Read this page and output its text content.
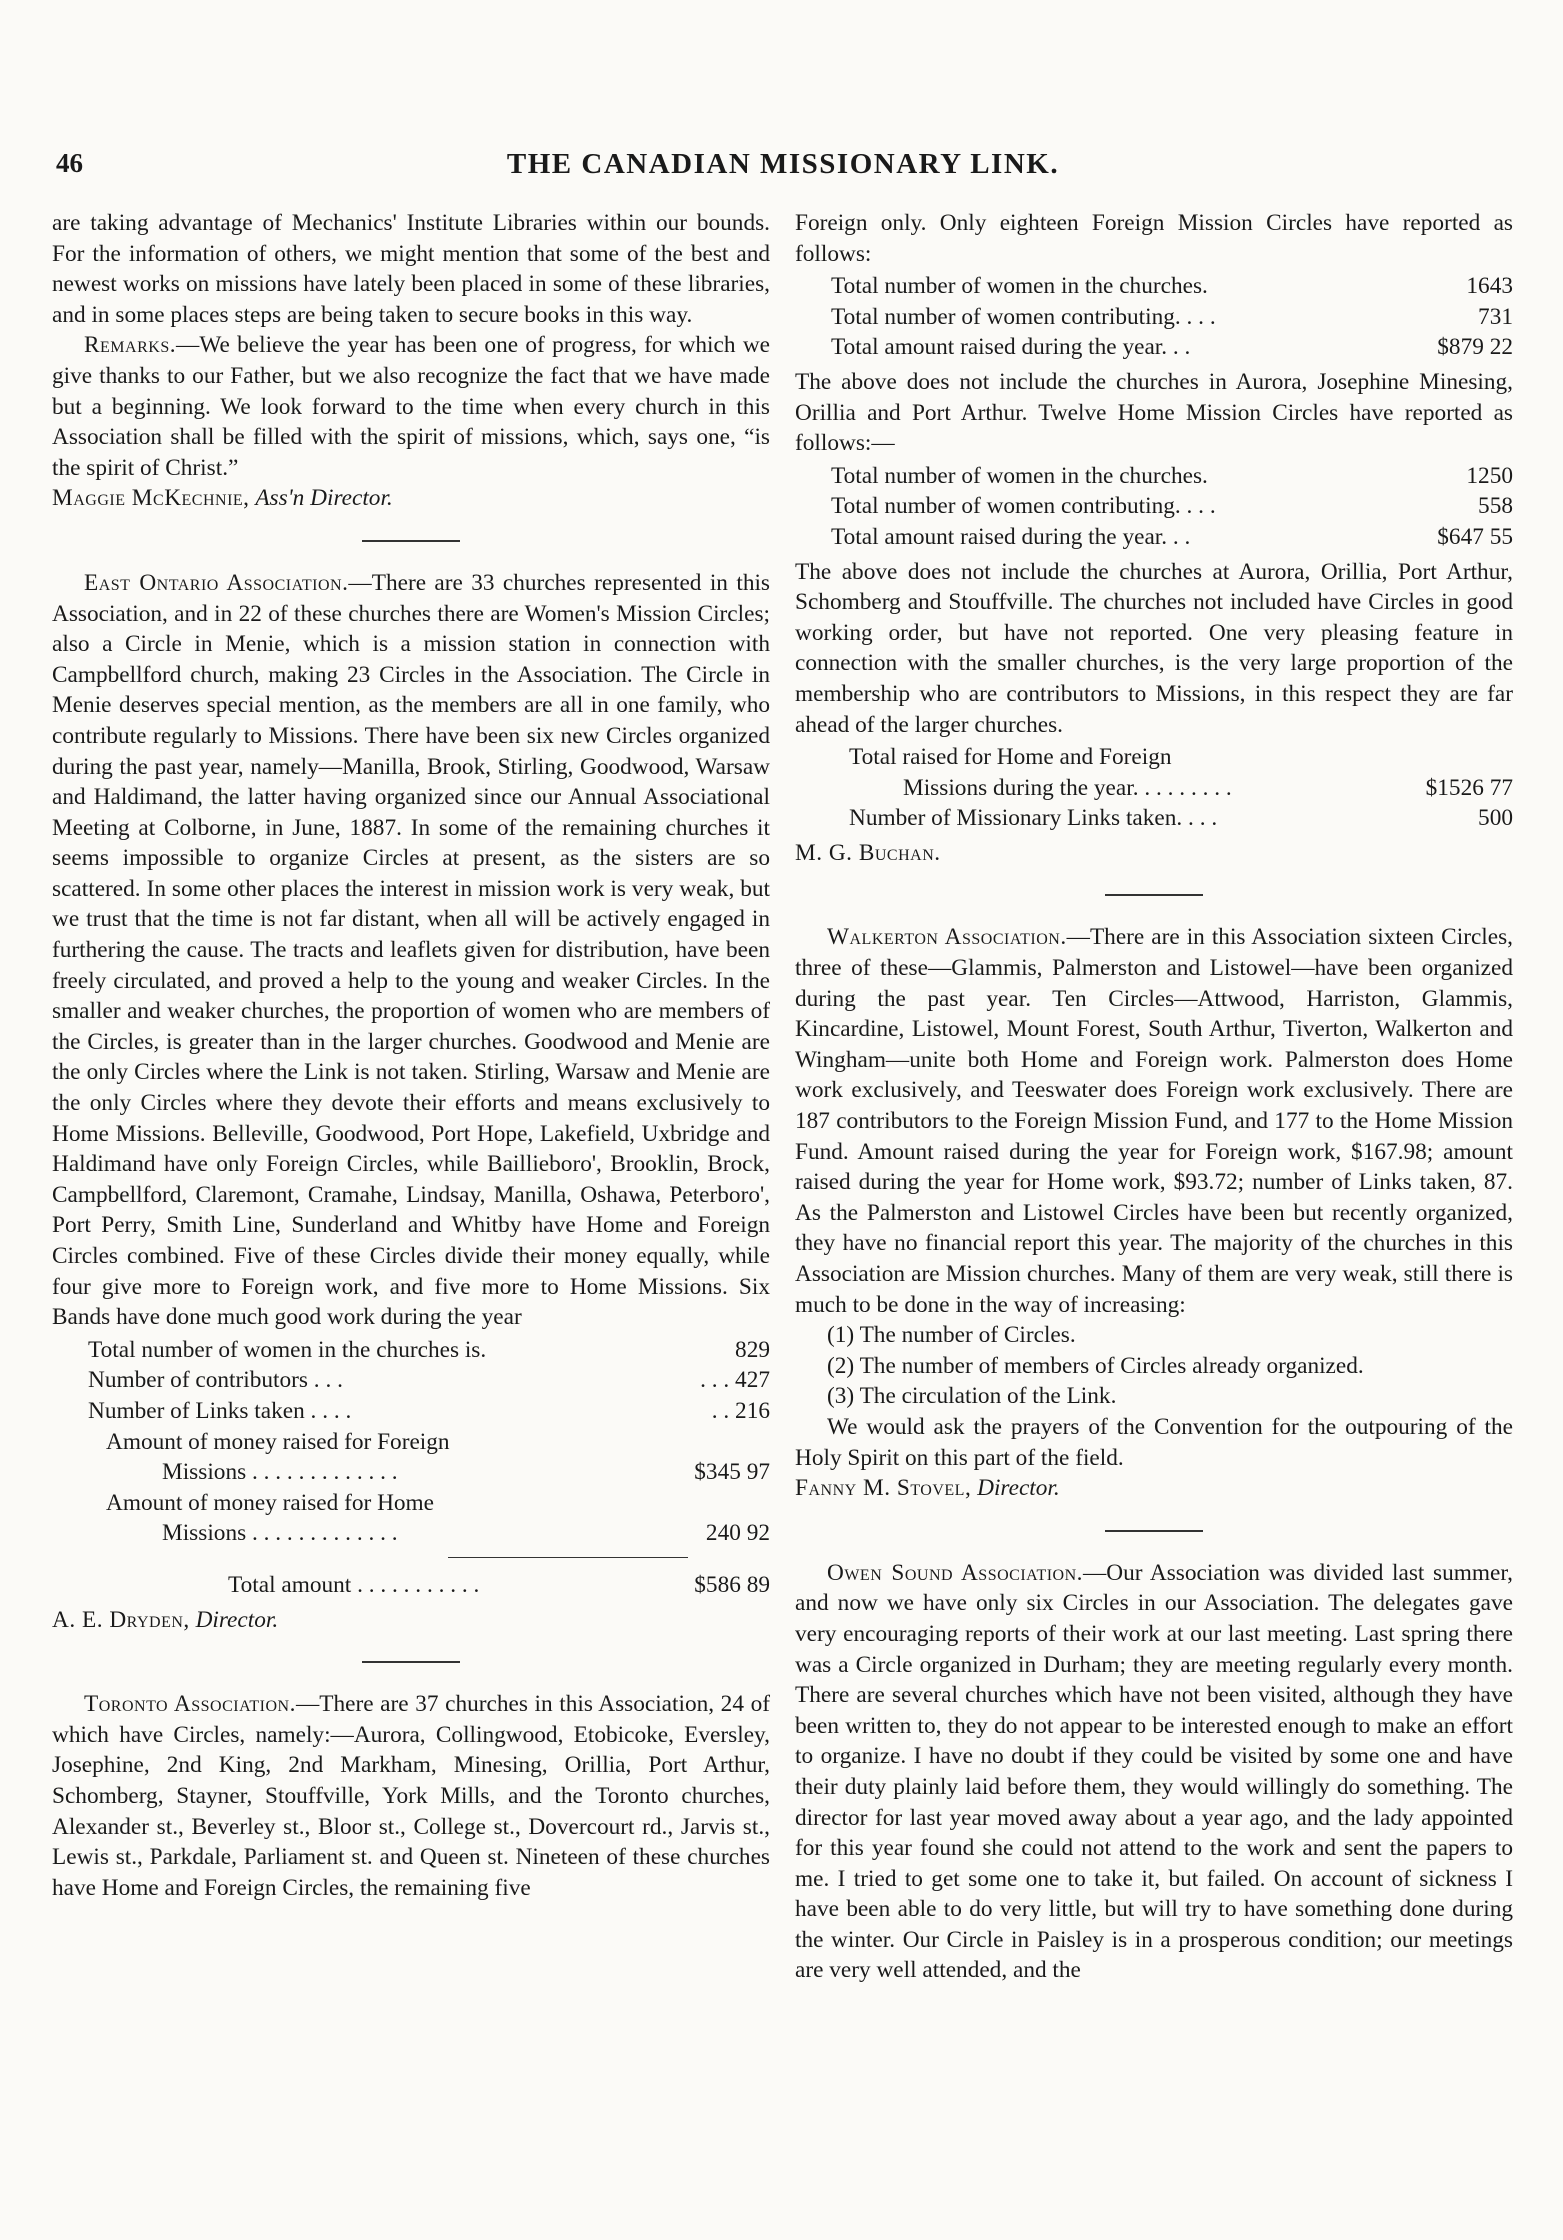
46	THE CANADIAN MISSIONARY LINK.

are taking advantage of Mechanics' Institute Libraries within our bounds. For the information of others, we might mention that some of the best and newest works on missions have lately been placed in some of these libraries, and in some places steps are being taken to secure books in this way.

Remarks.—We believe the year has been one of progress, for which we give thanks to our Father, but we also recognize the fact that we have made but a beginning. We look forward to the time when every church in this Association shall be filled with the spirit of missions, which, says one, “is the spirit of Christ.”

Maggie McKechnie, Ass'n Director.

East Ontario Association.—There are 33 churches represented in this Association, and in 22 of these churches there are Women's Mission Circles; also a Circle in Menie, which is a mission station in connection with Campbellford church, making 23 Circles in the Association. The Circle in Menie deserves special mention, as the members are all in one family, who contribute regularly to Missions. There have been six new Circles organized during the past year, namely—Manilla, Brook, Stirling, Goodwood, Warsaw and Haldimand, the latter having organized since our Annual Associational Meeting at Colborne, in June, 1887. In some of the remaining churches it seems impossible to organize Circles at present, as the sisters are so scattered. In some other places the interest in mission work is very weak, but we trust that the time is not far distant, when all will be actively engaged in furthering the cause. The tracts and leaflets given for distribution, have been freely circulated, and proved a help to the young and weaker Circles. In the smaller and weaker churches, the proportion of women who are members of the Circles, is greater than in the larger churches. Goodwood and Menie are the only Circles where the Link is not taken. Stirling, Warsaw and Menie are the only Circles where they devote their efforts and means exclusively to Home Missions. Belleville, Goodwood, Port Hope, Lakefield, Uxbridge and Haldimand have only Foreign Circles, while Baillieboro', Brooklin, Brock, Campbellford, Claremont, Cramahe, Lindsay, Manilla, Oshawa, Peterboro', Port Perry, Smith Line, Sunderland and Whitby have Home and Foreign Circles combined. Five of these Circles divide their money equally, while four give more to Foreign work, and five more to Home Missions. Six Bands have done much good work during the year

Total number of women in the churches is.	829
Number of contributors . . .	. . . 427
Number of Links taken . . . .	. . 216
Amount of money raised for Foreign
Missions . . . . . . . . . . . . .	$345 97
Amount of money raised for Home
Missions . . . . . . . . . . . . .	240 92
Total amount . . . . . . . . . . .	$586 89

A. E. Dryden, Director.

Toronto Association.—There are 37 churches in this Association, 24 of which have Circles, namely:—Aurora, Collingwood, Etobicoke, Eversley, Josephine, 2nd King, 2nd Markham, Minesing, Orillia, Port Arthur, Schomberg, Stayner, Stouffville, York Mills, and the Toronto churches, Alexander st., Beverley st., Bloor st., College st., Dovercourt rd., Jarvis st., Lewis st., Parkdale, Parliament st. and Queen st. Nineteen of these churches have Home and Foreign Circles, the remaining five

Foreign only. Only eighteen Foreign Mission Circles have reported as follows:

Total number of women in the churches.	1643
Total number of women contributing. . . .	731
Total amount raised during the year. . .	$879 22

The above does not include the churches in Aurora, Josephine Minesing, Orillia and Port Arthur. Twelve Home Mission Circles have reported as follows:—

Total number of women in the churches.	1250
Total number of women contributing. . . .	558
Total amount raised during the year. . .	$647 55

The above does not include the churches at Aurora, Orillia, Port Arthur, Schomberg and Stouffville. The churches not included have Circles in good working order, but have not reported. One very pleasing feature in connection with the smaller churches, is the very large proportion of the membership who are contributors to Missions, in this respect they are far ahead of the larger churches.

Total raised for Home and Foreign
Missions during the year. . . . . . . . .	$1526 77
Number of Missionary Links taken. . . .	500

M. G. Buchan.

Walkerton Association.—There are in this Association sixteen Circles, three of these—Glammis, Palmerston and Listowel—have been organized during the past year. Ten Circles—Attwood, Harriston, Glammis, Kincardine, Listowel, Mount Forest, South Arthur, Tiverton, Walkerton and Wingham—unite both Home and Foreign work. Palmerston does Home work exclusively, and Teeswater does Foreign work exclusively. There are 187 contributors to the Foreign Mission Fund, and 177 to the Home Mission Fund. Amount raised during the year for Foreign work, $167.98; amount raised during the year for Home work, $93.72; number of Links taken, 87. As the Palmerston and Listowel Circles have been but recently organized, they have no financial report this year. The majority of the churches in this Association are Mission churches. Many of them are very weak, still there is much to be done in the way of increasing:

(1) The number of Circles.

(2) The number of members of Circles already organized.

(3) The circulation of the Link.

We would ask the prayers of the Convention for the outpouring of the Holy Spirit on this part of the field.

Fanny M. Stovel, Director.

Owen Sound Association.—Our Association was divided last summer, and now we have only six Circles in our Association. The delegates gave very encouraging reports of their work at our last meeting. Last spring there was a Circle organized in Durham; they are meeting regularly every month. There are several churches which have not been visited, although they have been written to, they do not appear to be interested enough to make an effort to organize. I have no doubt if they could be visited by some one and have their duty plainly laid before them, they would willingly do something. The director for last year moved away about a year ago, and the lady appointed for this year found she could not attend to the work and sent the papers to me. I tried to get some one to take it, but failed. On account of sickness I have been able to do very little, but will try to have something done during the winter. Our Circle in Paisley is in a prosperous condition; our meetings are very well attended, and the
